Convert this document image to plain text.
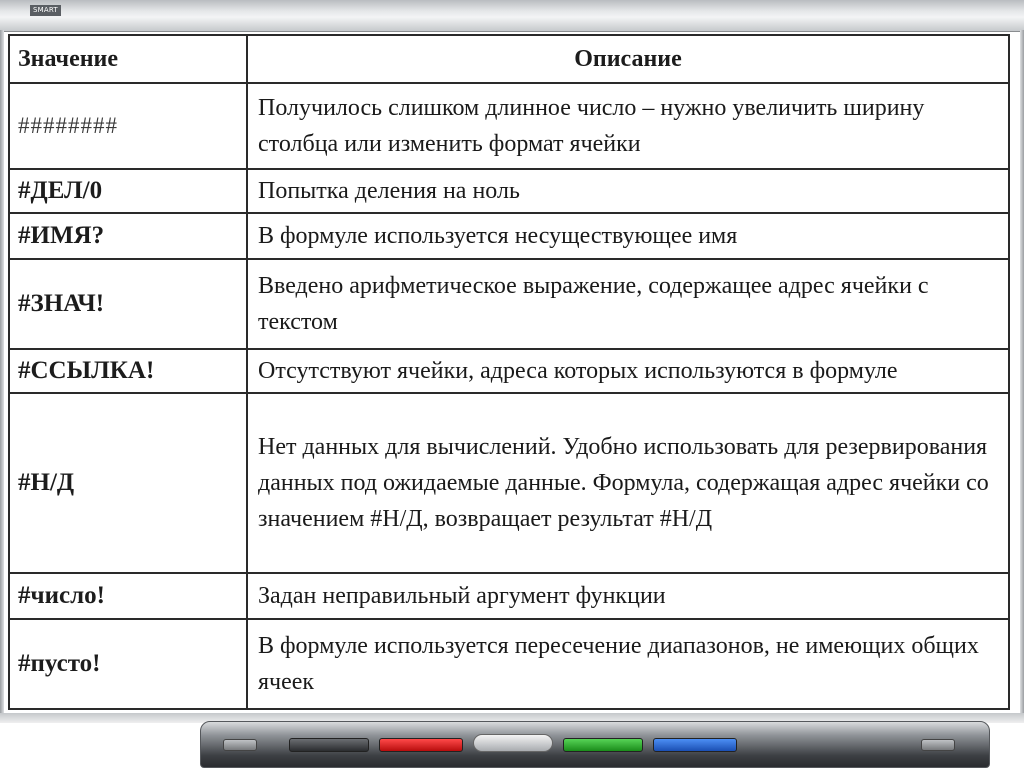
SMART
Значение	Описание
########	Получилось слишком длинное число – нужно увеличить ширину столбца или изменить формат ячейки
#ДЕЛ/0	Попытка деления на ноль
#ИМЯ?	В формуле используется несуществующее имя
#ЗНАЧ!	Введено арифметическое выражение, содержащее адрес ячейки с текстом
#ССЫЛКА!	Отсутствуют ячейки, адреса которых используются в формуле
#Н/Д	Нет данных для вычислений. Удобно использовать для резервирования данных под ожидаемые данные. Формула, содержащая адрес ячейки со значением #Н/Д, возвращает результат #Н/Д
#число!	Задан неправильный аргумент функции
#пусто!	В формуле используется пересечение диапазонов, не имеющих общих ячеек
